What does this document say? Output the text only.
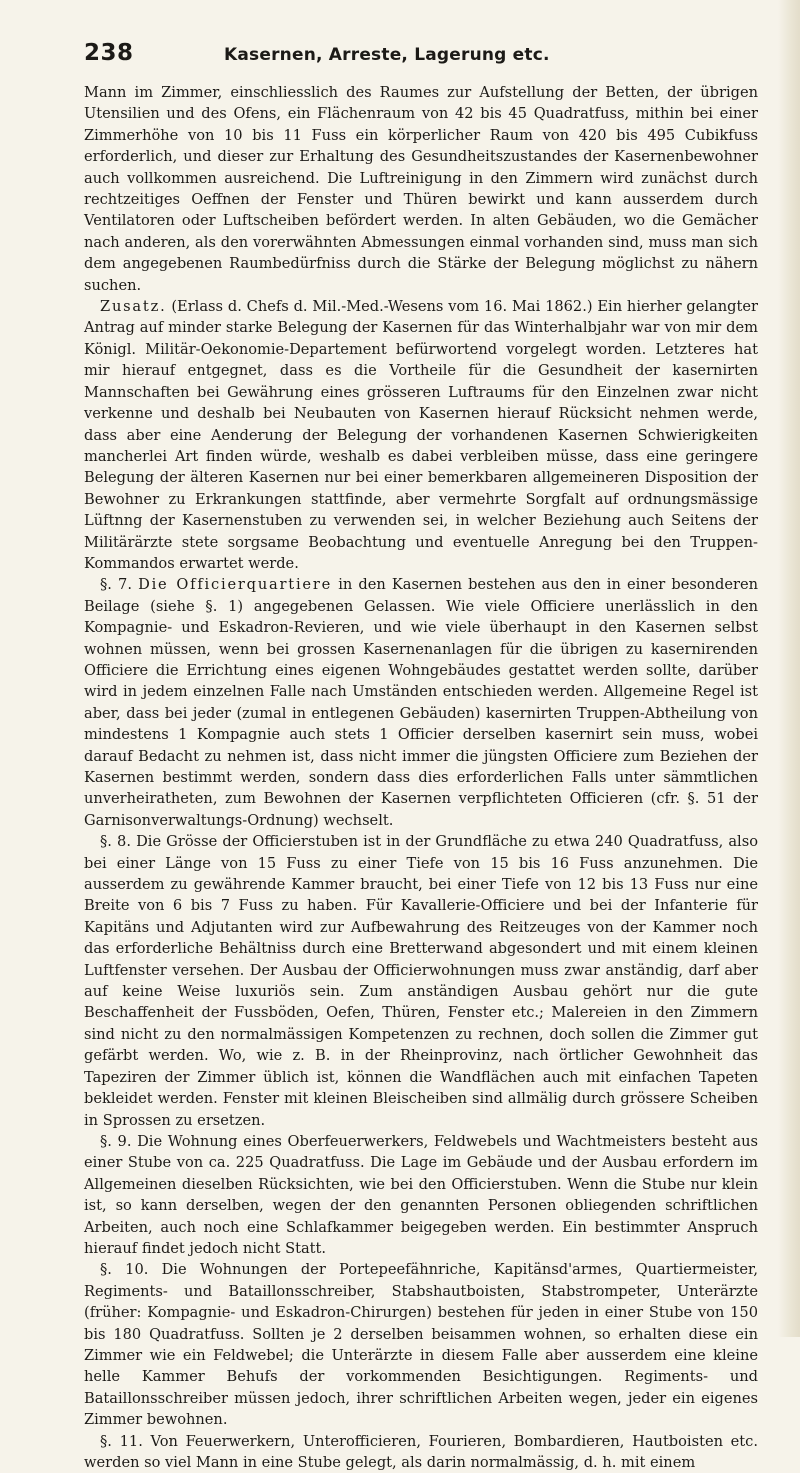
238	Kasernen, Arreste, Lagerung etc.

Mann im Zimmer, einschliesslich des Raumes zur Aufstellung der Betten, der übrigen Utensilien und des Ofens, ein Flächenraum von 42 bis 45 Quadratfuss, mithin bei einer Zimmerhöhe von 10 bis 11 Fuss ein körperlicher Raum von 420 bis 495 Cubikfuss erforderlich, und dieser zur Erhaltung des Gesundheitszustandes der Kasernenbewohner auch vollkommen ausreichend. Die Luftreinigung in den Zimmern wird zunächst durch rechtzeitiges Oeffnen der Fenster und Thüren bewirkt und kann ausserdem durch Ventilatoren oder Luftscheiben befördert werden. In alten Gebäuden, wo die Gemächer nach anderen, als den vorerwähnten Abmessungen einmal vorhanden sind, muss man sich dem angegebenen Raumbedürfniss durch die Stärke der Belegung möglichst zu nähern suchen.

Zusatz. (Erlass d. Chefs d. Mil.-Med.-Wesens vom 16. Mai 1862.) Ein hierher gelangter Antrag auf minder starke Belegung der Kasernen für das Winterhalbjahr war von mir dem Königl. Militär-Oekonomie-Departement befürwortend vorgelegt worden. Letzteres hat mir hierauf entgegnet, dass es die Vortheile für die Gesundheit der kasernirten Mannschaften bei Gewährung eines grösseren Luftraums für den Einzelnen zwar nicht verkenne und deshalb bei Neubauten von Kasernen hierauf Rücksicht nehmen werde, dass aber eine Aenderung der Belegung der vorhandenen Kasernen Schwierigkeiten mancherlei Art finden würde, weshalb es dabei verbleiben müsse, dass eine geringere Belegung der älteren Kasernen nur bei einer bemerkbaren allgemeineren Disposition der Bewohner zu Erkrankungen stattfinde, aber vermehrte Sorgfalt auf ordnungsmässige Lüftnng der Kasernenstuben zu verwenden sei, in welcher Beziehung auch Seitens der Militärärzte stete sorgsame Beobachtung und eventuelle Anregung bei den Truppen-Kommandos erwartet werde.

§. 7. Die Officierquartiere in den Kasernen bestehen aus den in einer besonderen Beilage (siehe §. 1) angegebenen Gelassen. Wie viele Officiere unerlässlich in den Kompagnie- und Eskadron-Revieren, und wie viele überhaupt in den Kasernen selbst wohnen müssen, wenn bei grossen Kasernenanlagen für die übrigen zu kasernirenden Officiere die Errichtung eines eigenen Wohngebäudes gestattet werden sollte, darüber wird in jedem einzelnen Falle nach Umständen entschieden werden. Allgemeine Regel ist aber, dass bei jeder (zumal in entlegenen Gebäuden) kasernirten Truppen-Abtheilung von mindestens 1 Kompagnie auch stets 1 Officier derselben kasernirt sein muss, wobei darauf Bedacht zu nehmen ist, dass nicht immer die jüngsten Officiere zum Beziehen der Kasernen bestimmt werden, sondern dass dies erforderlichen Falls unter sämmtlichen unverheiratheten, zum Bewohnen der Kasernen verpflichteten Officieren (cfr. §. 51 der Garnisonverwaltungs-Ordnung) wechselt.

§. 8. Die Grösse der Officierstuben ist in der Grundfläche zu etwa 240 Quadratfuss, also bei einer Länge von 15 Fuss zu einer Tiefe von 15 bis 16 Fuss anzunehmen. Die ausserdem zu gewährende Kammer braucht, bei einer Tiefe von 12 bis 13 Fuss nur eine Breite von 6 bis 7 Fuss zu haben. Für Kavallerie-Officiere und bei der Infanterie für Kapitäns und Adjutanten wird zur Aufbewahrung des Reitzeuges von der Kammer noch das erforderliche Behältniss durch eine Bretterwand abgesondert und mit einem kleinen Luftfenster versehen. Der Ausbau der Officierwohnungen muss zwar anständig, darf aber auf keine Weise luxuriös sein. Zum anständigen Ausbau gehört nur die gute Beschaffenheit der Fussböden, Oefen, Thüren, Fenster etc.; Malereien in den Zimmern sind nicht zu den normalmässigen Kompetenzen zu rechnen, doch sollen die Zimmer gut gefärbt werden. Wo, wie z. B. in der Rheinprovinz, nach örtlicher Gewohnheit das Tapeziren der Zimmer üblich ist, können die Wandflächen auch mit einfachen Tapeten bekleidet werden. Fenster mit kleinen Bleischeiben sind allmälig durch grössere Scheiben in Sprossen zu ersetzen.

§. 9. Die Wohnung eines Oberfeuerwerkers, Feldwebels und Wachtmeisters besteht aus einer Stube von ca. 225 Quadratfuss. Die Lage im Gebäude und der Ausbau erfordern im Allgemeinen dieselben Rücksichten, wie bei den Officierstuben. Wenn die Stube nur klein ist, so kann derselben, wegen der den genannten Personen obliegenden schriftlichen Arbeiten, auch noch eine Schlafkammer beigegeben werden. Ein bestimmter Anspruch hierauf findet jedoch nicht Statt.

§. 10. Die Wohnungen der Portepeefähnriche, Kapitänsd'armes, Quartiermeister, Regiments- und Bataillonsschreiber, Stabshautboisten, Stabstrompeter, Unterärzte (früher: Kompagnie- und Eskadron-Chirurgen) bestehen für jeden in einer Stube von 150 bis 180 Quadratfuss. Sollten je 2 derselben beisammen wohnen, so erhalten diese ein Zimmer wie ein Feldwebel; die Unterärzte in diesem Falle aber ausserdem eine kleine helle Kammer Behufs der vorkommenden Besichtigungen. Regiments- und Bataillonsschreiber müssen jedoch, ihrer schriftlichen Arbeiten wegen, jeder ein eigenes Zimmer bewohnen.

§. 11. Von Feuerwerkern, Unterofficieren, Fourieren, Bombardieren, Hautboisten etc. werden so viel Mann in eine Stube gelegt, als darin normalmässig, d. h. mit einem
